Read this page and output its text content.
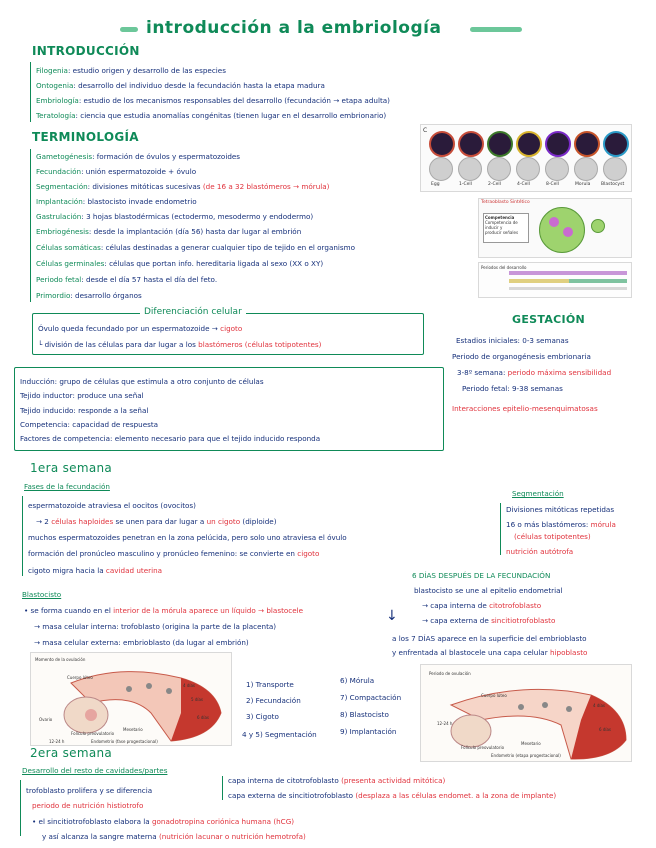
introducción a la embriología
INTRODUCCIÓN
Filogenia: estudio origen y desarrollo de las especies
Ontogenia: desarrollo del individuo desde la fecundación hasta la etapa madura
Embriología: estudio de los mecanismos responsables del desarrollo (fecundación → etapa adulta)
Teratología: ciencia que estudia anomalías congénitas (tienen lugar en el desarrollo embrionario)
TERMINOLOGÍA
Gametogénesis: formación de óvulos y espermatozoides
Fecundación: unión espermatozoide + óvulo
Segmentación: divisiones mitóticas sucesivas (de 16 a 32 blastómeros → mórula)
Implantación: blastocisto invade endometrio
Gastrulación: 3 hojas blastodérmicas (ectodermo, mesodermo y endodermo)
Embriogénesis: desde la implantación (día 56) hasta dar lugar al embrión
Células somáticas: células destinadas a generar cualquier tipo de tejido en el organismo
Células germinales: células que portan info. hereditaria ligada al sexo (XX o XY)
Periodo fetal: desde el día 57 hasta el día del feto.
Primordio: desarrollo órganos
C
Egg	1-Cell	2-Cell	4-Cell	8-Cell	Morula Blastocyst
Tetraoblasto Sintético
Competencia
Competencia de inducir y
producir señales
Periodos del desarrollo
Diferenciación celular
Óvulo queda fecundado por un espermatozoide → cigoto
└ división de las células para dar lugar a los blastómeros (células totipotentes)
Inducción: grupo de células que estimula a otro conjunto de células
Tejido inductor: produce una señal
Tejido inducido: responde a la señal
Competencia: capacidad de respuesta
Factores de competencia: elemento necesario para que el tejido inducido responda
GESTACIÓN
Estadios iniciales: 0-3 semanas
Periodo de organogénesis embrionaria
3-8º semana: periodo máxima sensibilidad
Periodo fetal: 9-38 semanas
Interacciones epitelio-mesenquimatosas
1era semana
Fases de la fecundación
espermatozoide atraviesa el oocitos (ovocitos)
→ 2 células haploides se unen para dar lugar a un cigoto (diploide)
muchos espermatozoides penetran en la zona pelúcida, pero solo uno atraviesa el óvulo
formación del pronúcleo masculino y pronúcleo femenino: se convierte en cigoto
cigoto migra hacia la cavidad uterina
Segmentación
Divisiones mitóticas repetidas
16 o más blastómeros: mórula
(células totipotentes)
nutrición autótrofa
Blastocisto
• se forma cuando en el interior de la mórula aparece un líquido → blastocele
→ masa celular interna: trofoblasto (origina la parte de la placenta)
→ masa celular externa: embrioblasto (da lugar al embrión)
6 DÍAS DESPUÉS DE LA FECUNDACIÓN
blastocisto se une al epitelio endometrial
→ capa interna de citotrofoblasto
→ capa externa de sincitiotrofoblasto
↓
a los 7 DÍAS aparece en la superficie del embrioblasto
y enfrentada al blastocele una capa celular hipoblasto
Momento de la ovulación
Cuerpo lúteo
Ovario
Folículo preovulatorio
Mesetario
Endometrio (fase progestacional)
12-24 h
4 días
5 días
6 días
1) Transporte
2) Fecundación
3) Cigoto
4 y 5) Segmentación
6) Mórula
7) Compactación
8) Blastocisto
9) Implantación
Periodo de ovulación
Cuerpo lúteo
Folículo preovulatorio
Mesetario
Endometrio (etapa progestacional)
4 días
6 días
12-24 h
2era semana
Desarrollo del resto de cavidades/partes
trofoblasto prolifera y se diferencia
capa interna de citotrofoblasto (presenta actividad mitótica)
capa externa de sincitiotrofoblasto (desplaza a las células endomet. a la zona de implante)
periodo de nutrición histiotrofo
• el sincitiotrofoblasto elabora la gonadotropina coriónica humana (hCG)
y así alcanza la sangre materna (nutrición lacunar o nutrición hemotrofa)
